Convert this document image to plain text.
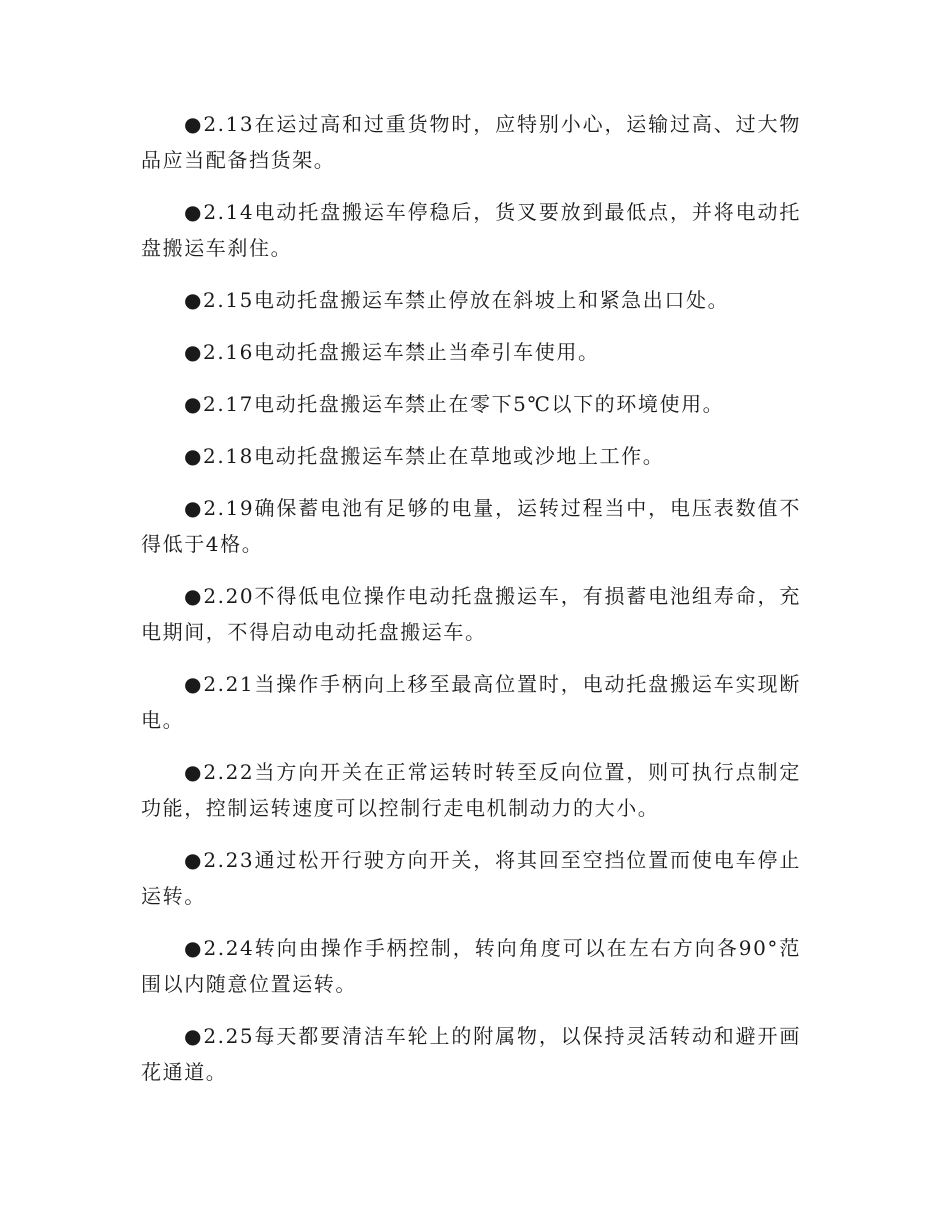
●2.13在运过高和过重货物时，应特别小心，运输过高、过大物品应当配备挡货架。

●2.14电动托盘搬运车停稳后，货叉要放到最低点，并将电动托盘搬运车刹住。

●2.15电动托盘搬运车禁止停放在斜坡上和紧急出口处。

●2.16电动托盘搬运车禁止当牵引车使用。

●2.17电动托盘搬运车禁止在零下5℃以下的环境使用。

●2.18电动托盘搬运车禁止在草地或沙地上工作。

●2.19确保蓄电池有足够的电量，运转过程当中，电压表数值不得低于4格。

●2.20不得低电位操作电动托盘搬运车，有损蓄电池组寿命，充电期间，不得启动电动托盘搬运车。

●2.21当操作手柄向上移至最高位置时，电动托盘搬运车实现断电。

●2.22当方向开关在正常运转时转至反向位置，则可执行点制定功能，控制运转速度可以控制行走电机制动力的大小。

●2.23通过松开行驶方向开关，将其回至空挡位置而使电车停止运转。

●2.24转向由操作手柄控制，转向角度可以在左右方向各90°范围以内随意位置运转。

●2.25每天都要清洁车轮上的附属物，以保持灵活转动和避开画花通道。
